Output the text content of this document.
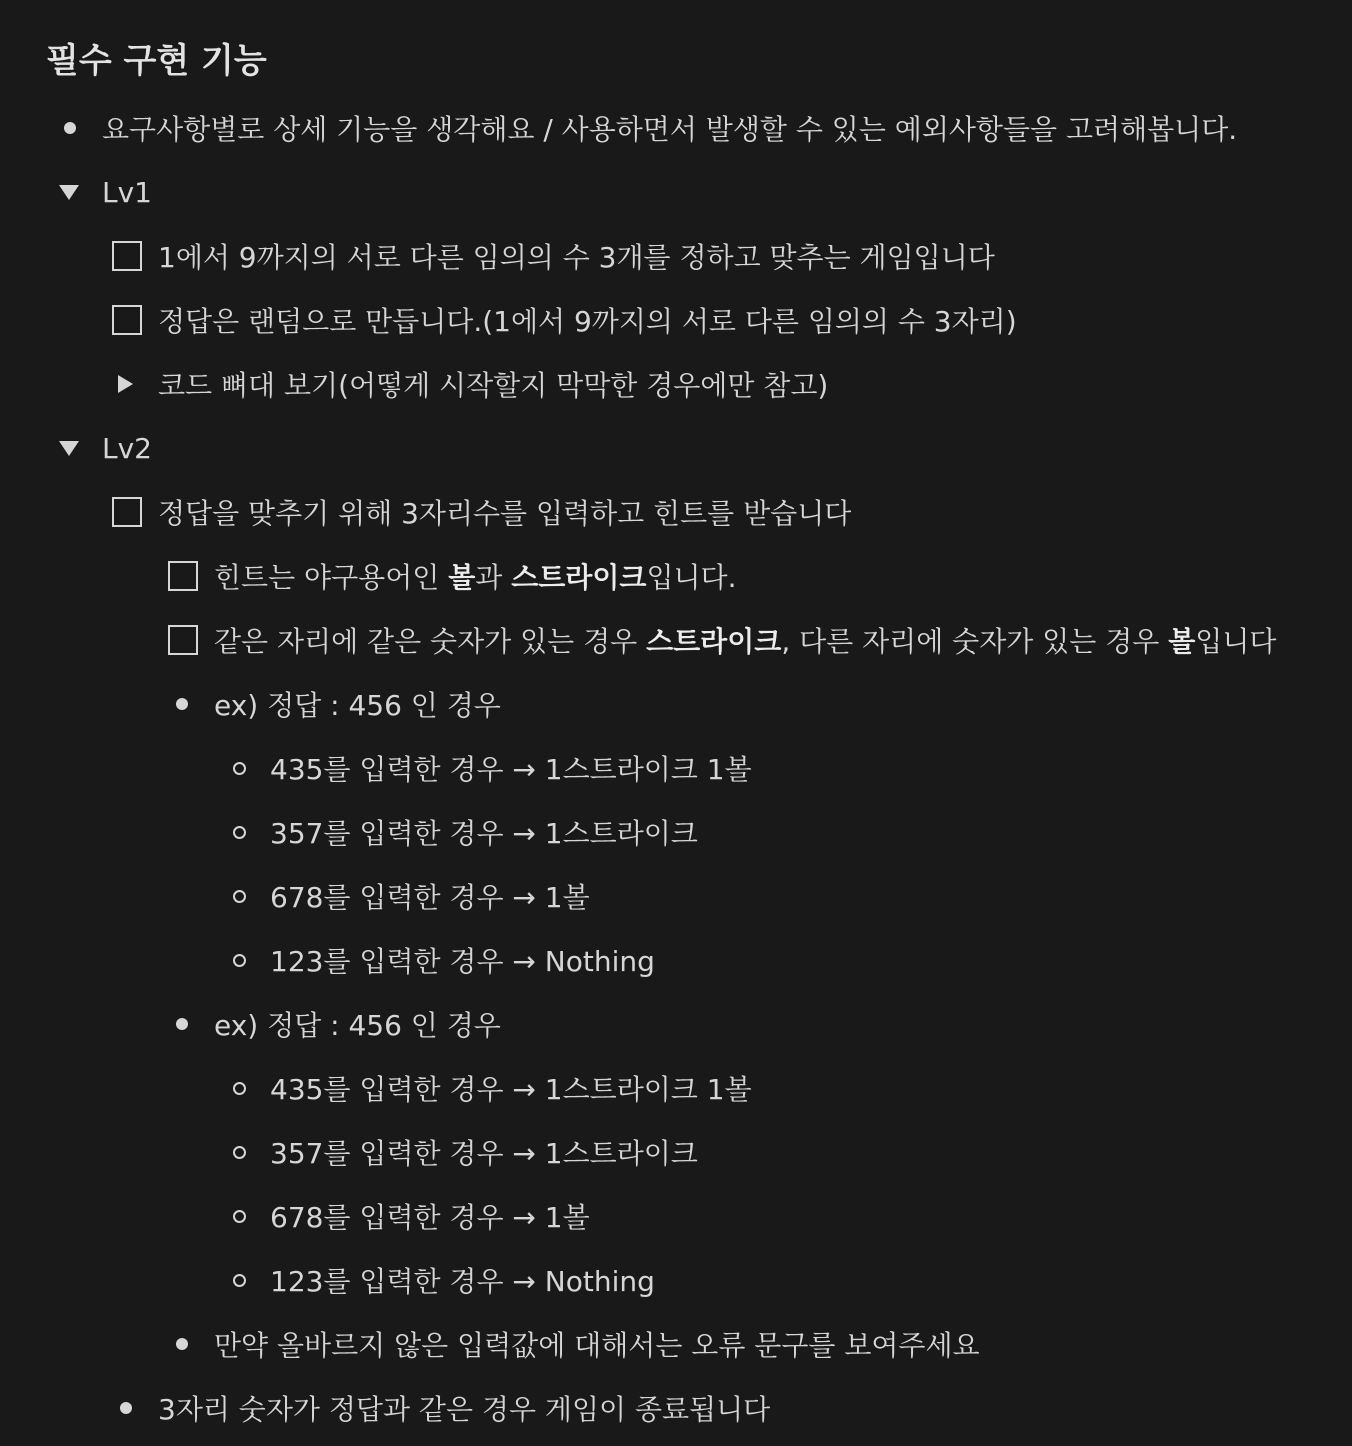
필수 구현 기능
요구사항별로 상세 기능을 생각해요 / 사용하면서 발생할 수 있는 예외사항들을 고려해봅니다.
Lv1
1에서 9까지의 서로 다른 임의의 수 3개를 정하고 맞추는 게임입니다
정답은 랜덤으로 만듭니다.(1에서 9까지의 서로 다른 임의의 수 3자리)
코드 뼈대 보기(어떻게 시작할지 막막한 경우에만 참고)
Lv2
정답을 맞추기 위해 3자리수를 입력하고 힌트를 받습니다
힌트는 야구용어인 볼과 스트라이크입니다.
같은 자리에 같은 숫자가 있는 경우 스트라이크, 다른 자리에 숫자가 있는 경우 볼입니다
ex) 정답 : 456 인 경우
435를 입력한 경우 → 1스트라이크 1볼
357를 입력한 경우 → 1스트라이크
678를 입력한 경우 → 1볼
123를 입력한 경우 → Nothing
ex) 정답 : 456 인 경우
435를 입력한 경우 → 1스트라이크 1볼
357를 입력한 경우 → 1스트라이크
678를 입력한 경우 → 1볼
123를 입력한 경우 → Nothing
만약 올바르지 않은 입력값에 대해서는 오류 문구를 보여주세요
3자리 숫자가 정답과 같은 경우 게임이 종료됩니다
